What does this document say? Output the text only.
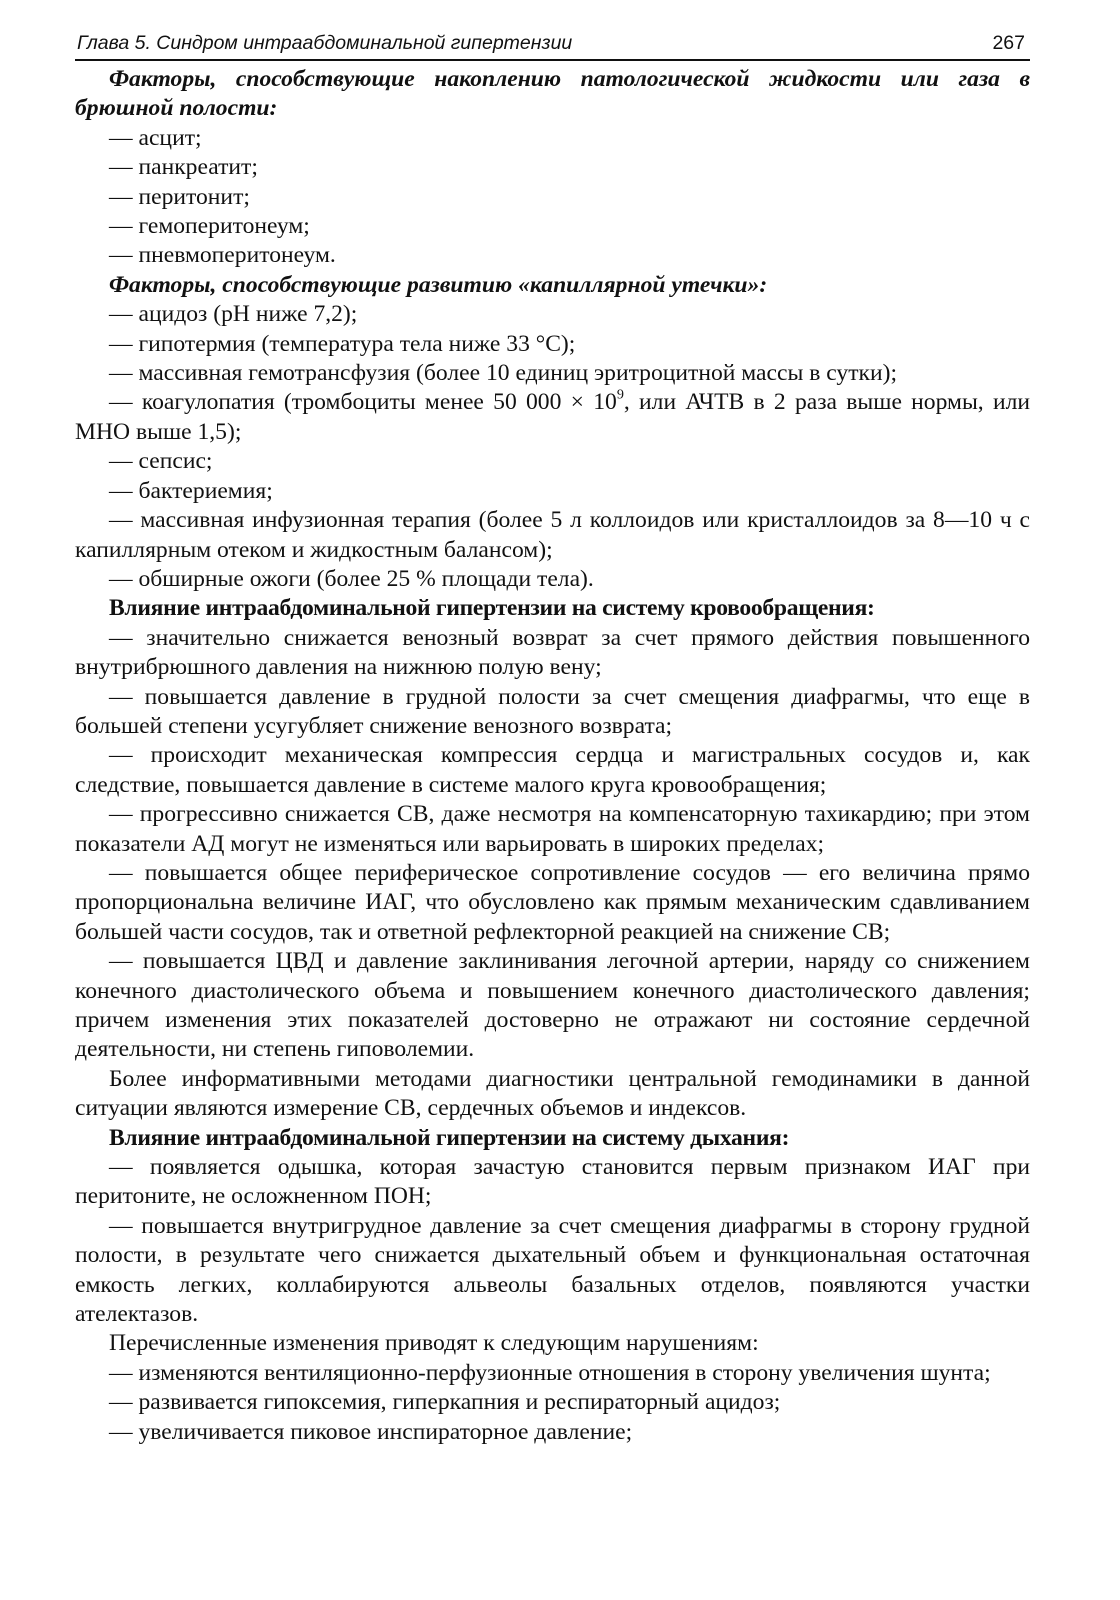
Глава 5. Синдром интраабдоминальной гипертензии	267

Факторы, способствующие накоплению патологической жидкости или газа в брюшной полости:

— асцит;

— панкреатит;

— перитонит;

— гемоперитонеум;

— пневмоперитонеум.

Факторы, способствующие развитию «капиллярной утечки»:

— ацидоз (рН ниже 7,2);

— гипотермия (температура тела ниже 33 °С);

— массивная гемотрансфузия (более 10 единиц эритроцитной массы в сутки);

— коагулопатия (тромбоциты менее 50 $000 \times 10^9$, или АЧТВ в 2 раза выше нормы, или МНО выше 1,5);

— сепсис;

— бактериемия;

— массивная инфузионная терапия (более 5 л коллоидов или кристаллоидов за 8—10 ч с капиллярным отеком и жидкостным балансом);

— обширные ожоги (более 25 % площади тела).

Влияние интраабдоминальной гипертензии на систему кровообращения:

— значительно снижается венозный возврат за счет прямого действия повышенного внутрибрюшного давления на нижнюю полую вену;

— повышается давление в грудной полости за счет смещения диафрагмы, что еще в большей степени усугубляет снижение венозного возврата;

— происходит механическая компрессия сердца и магистральных сосудов и, как следствие, повышается давление в системе малого круга кровообращения;

— прогрессивно снижается СВ, даже несмотря на компенсаторную тахикардию; при этом показатели АД могут не изменяться или варьировать в широких пределах;

— повышается общее периферическое сопротивление сосудов — его величина прямо пропорциональна величине ИАГ, что обусловлено как прямым механическим сдавливанием большей части сосудов, так и ответной рефлекторной реакцией на снижение СВ;

— повышается ЦВД и давление заклинивания легочной артерии, наряду со снижением конечного диастолического объема и повышением конечного диастолического давления; причем изменения этих показателей достоверно не отражают ни состояние сердечной деятельности, ни степень гиповолемии.

Более информативными методами диагностики центральной гемодинамики в данной ситуации являются измерение СВ, сердечных объемов и индексов.

Влияние интраабдоминальной гипертензии на систему дыхания:

— появляется одышка, которая зачастую становится первым признаком ИАГ при перитоните, не осложненном ПОН;

— повышается внутригрудное давление за счет смещения диафрагмы в сторону грудной полости, в результате чего снижается дыхательный объем и функциональная остаточная емкость легких, коллабируются альвеолы базальных отделов, появляются участки ателектазов.

Перечисленные изменения приводят к следующим нарушениям:

— изменяются вентиляционно-перфузионные отношения в сторону увеличения шунта;

— развивается гипоксемия, гиперкапния и респираторный ацидоз;

— увеличивается пиковое инспираторное давление;
